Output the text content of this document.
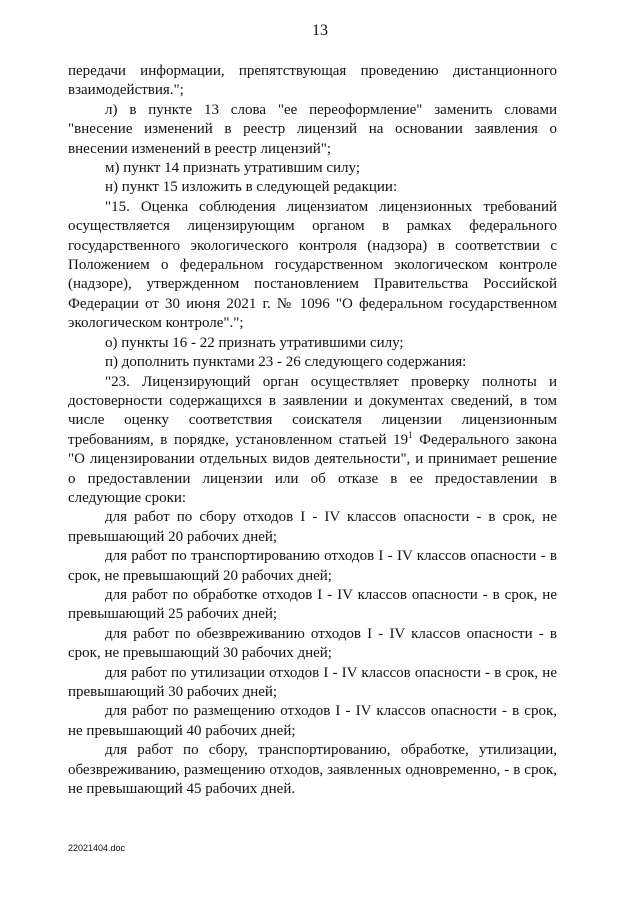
13

передачи информации, препятствующая проведению дистанционного взаимодействия.";

л) в пункте 13 слова "ее переоформление" заменить словами "внесение изменений в реестр лицензий на основании заявления о внесении изменений в реестр лицензий";

м) пункт 14 признать утратившим силу;

н) пункт 15 изложить в следующей редакции:

"15. Оценка соблюдения лицензиатом лицензионных требований осуществляется лицензирующим органом в рамках федерального государственного экологического контроля (надзора) в соответствии с Положением о федеральном государственном экологическом контроле (надзоре), утвержденном постановлением Правительства Российской Федерации от 30 июня 2021 г. № 1096 "О федеральном государственном экологическом контроле".";

о) пункты 16 - 22 признать утратившими силу;

п) дополнить пунктами 23 - 26 следующего содержания:

"23. Лицензирующий орган осуществляет проверку полноты и достоверности содержащихся в заявлении и документах сведений, в том числе оценку соответствия соискателя лицензии лицензионным требованиям, в порядке, установленном статьей $19^1$ Федерального закона "О лицензировании отдельных видов деятельности", и принимает решение о предоставлении лицензии или об отказе в ее предоставлении в следующие сроки:

для работ по сбору отходов I - IV классов опасности - в срок, не превышающий 20 рабочих дней;

для работ по транспортированию отходов I - IV классов опасности - в срок, не превышающий 20 рабочих дней;

для работ по обработке отходов I - IV классов опасности - в срок, не превышающий 25 рабочих дней;

для работ по обезвреживанию отходов I - IV классов опасности - в срок, не превышающий 30 рабочих дней;

для работ по утилизации отходов I - IV классов опасности - в срок, не превышающий 30 рабочих дней;

для работ по размещению отходов I - IV классов опасности - в срок, не превышающий 40 рабочих дней;

для работ по сбору, транспортированию, обработке, утилизации, обезвреживанию, размещению отходов, заявленных одновременно, - в срок, не превышающий 45 рабочих дней.

22021404.doc
